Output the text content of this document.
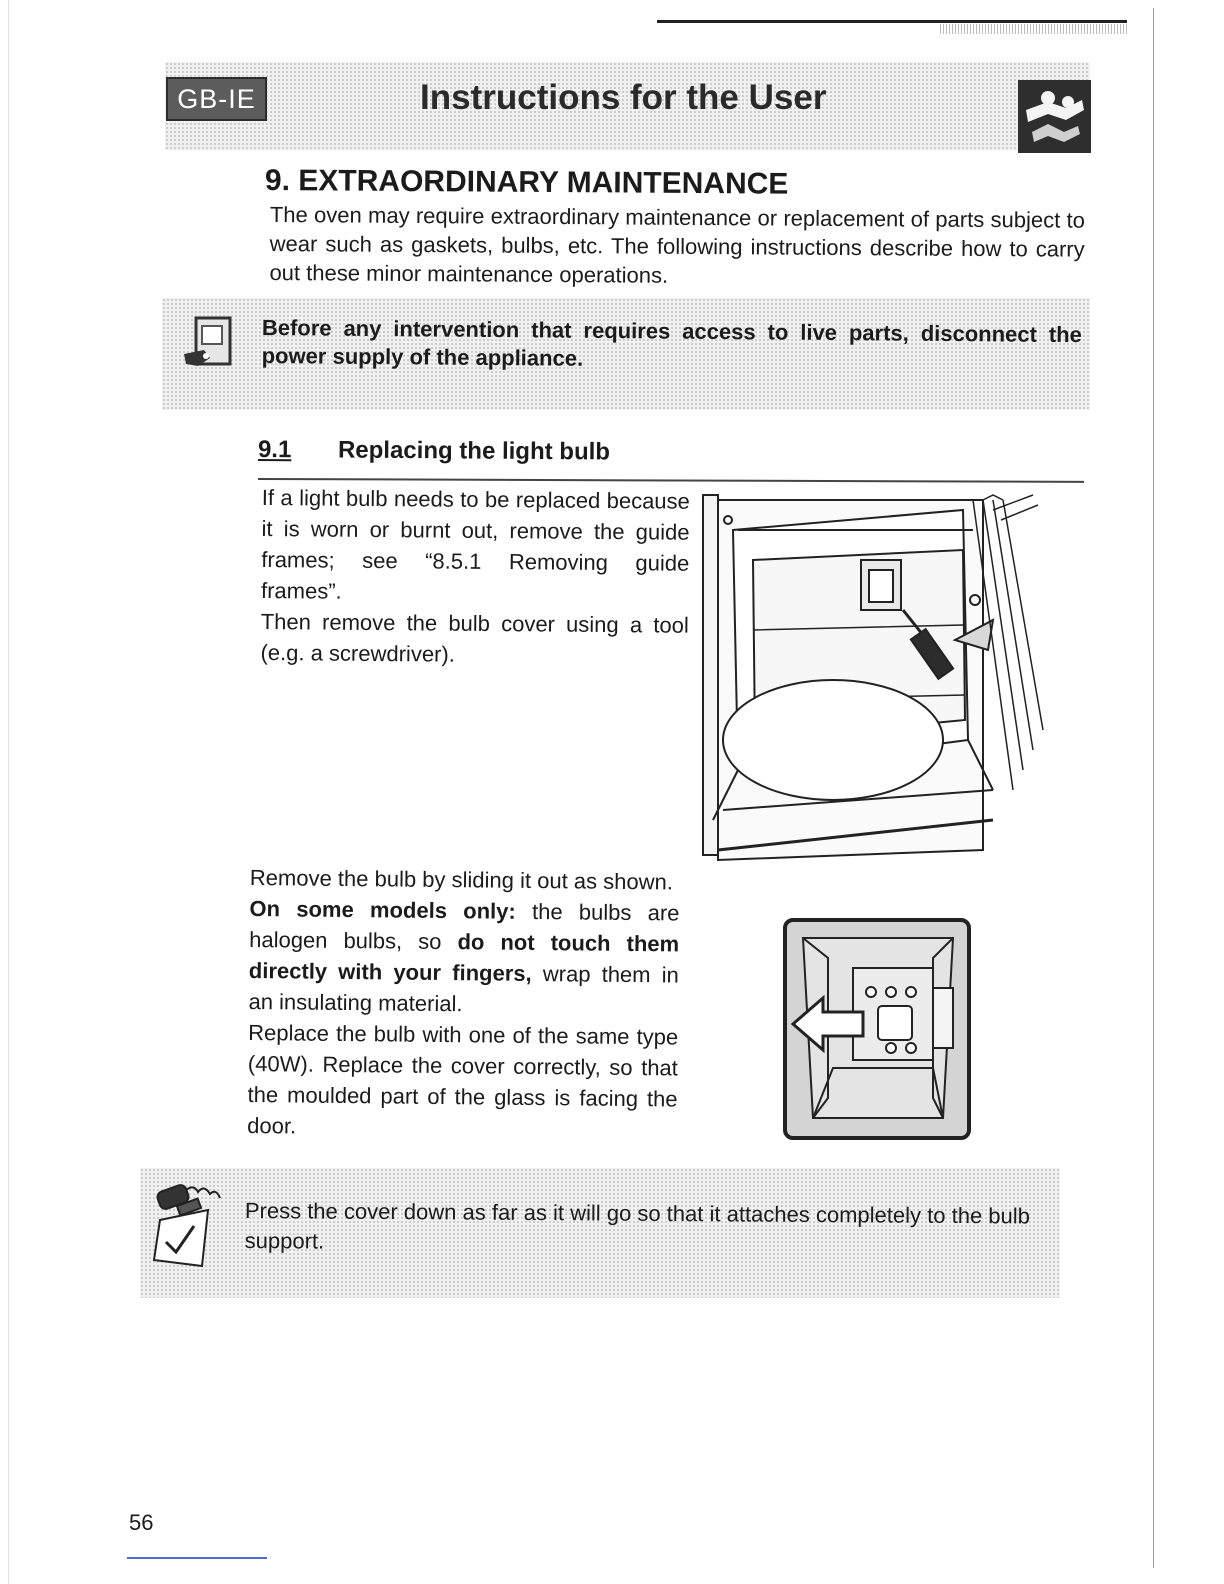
GB-IE	Instructions for the User
9. EXTRAORDINARY MAINTENANCE
The oven may require extraordinary maintenance or replacement of parts subject to wear such as gaskets, bulbs, etc. The following instructions describe how to carry out these minor maintenance operations.
Before any intervention that requires access to live parts, disconnect the power supply of the appliance.
9.1 Replacing the light bulb

If a light bulb needs to be replaced because it is worn or burnt out, remove the guide frames; see “8.5.1 Removing guide frames”.

Then remove the bulb cover using a tool (e.g. a screwdriver).

Remove the bulb by sliding it out as shown.

On some models only: the bulbs are halogen bulbs, so do not touch them directly with your fingers, wrap them in an insulating material.

Replace the bulb with one of the same type (40W). Replace the cover correctly, so that the moulded part of the glass is facing the door.

Press the cover down as far as it will go so that it attaches completely to the bulb support.
56
